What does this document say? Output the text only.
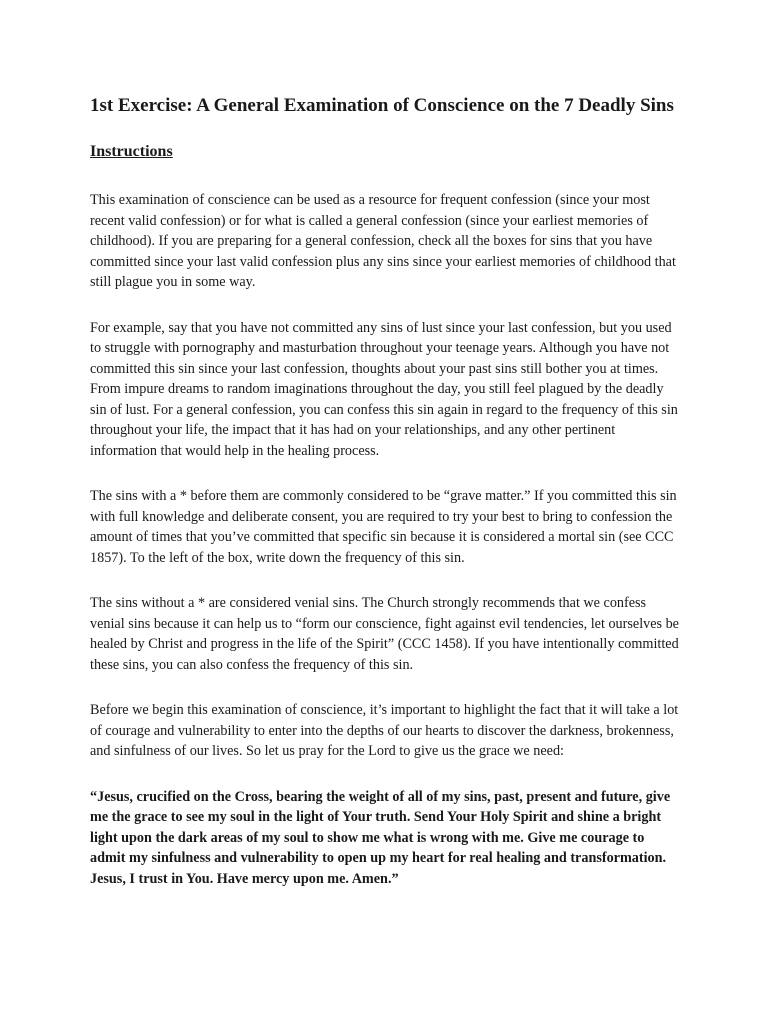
1st Exercise: A General Examination of Conscience on the 7 Deadly Sins
Instructions

This examination of conscience can be used as a resource for frequent confession (since your most recent valid confession) or for what is called a general confession (since your earliest memories of childhood). If you are preparing for a general confession, check all the boxes for sins that you have committed since your last valid confession plus any sins since your earliest memories of childhood that still plague you in some way.

For example, say that you have not committed any sins of lust since your last confession, but you used to struggle with pornography and masturbation throughout your teenage years. Although you have not committed this sin since your last confession, thoughts about your past sins still bother you at times. From impure dreams to random imaginations throughout the day, you still feel plagued by the deadly sin of lust. For a general confession, you can confess this sin again in regard to the frequency of this sin throughout your life, the impact that it has had on your relationships, and any other pertinent information that would help in the healing process.

The sins with a * before them are commonly considered to be “grave matter.” If you committed this sin with full knowledge and deliberate consent, you are required to try your best to bring to confession the amount of times that you’ve committed that specific sin because it is considered a mortal sin (see CCC 1857). To the left of the box, write down the frequency of this sin.

The sins without a * are considered venial sins. The Church strongly recommends that we confess venial sins because it can help us to “form our conscience, fight against evil tendencies, let ourselves be healed by Christ and progress in the life of the Spirit” (CCC 1458). If you have intentionally committed these sins, you can also confess the frequency of this sin.

Before we begin this examination of conscience, it’s important to highlight the fact that it will take a lot of courage and vulnerability to enter into the depths of our hearts to discover the darkness, brokenness, and sinfulness of our lives. So let us pray for the Lord to give us the grace we need:

“Jesus, crucified on the Cross, bearing the weight of all of my sins, past, present and future, give me the grace to see my soul in the light of Your truth. Send Your Holy Spirit and shine a bright light upon the dark areas of my soul to show me what is wrong with me. Give me courage to admit my sinfulness and vulnerability to open up my heart for real healing and transformation. Jesus, I trust in You. Have mercy upon me. Amen.”
